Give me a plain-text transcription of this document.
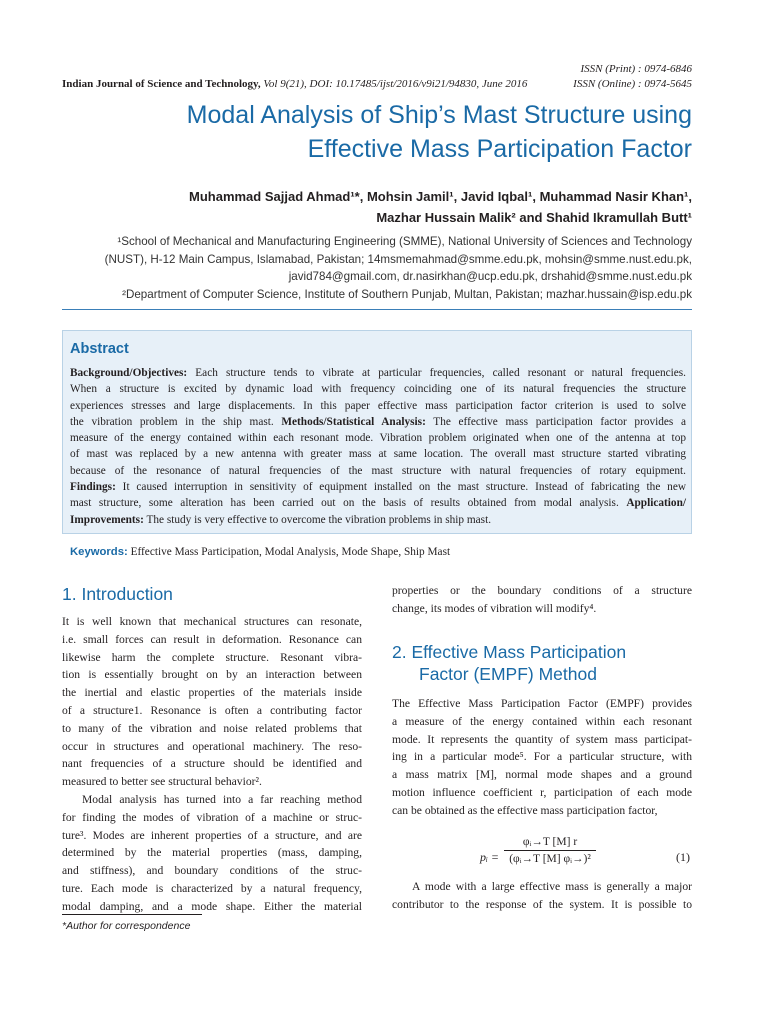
ISSN (Print) : 0974-6846
ISSN (Online) : 0974-5645
Indian Journal of Science and Technology, Vol 9(21), DOI: 10.17485/ijst/2016/v9i21/94830, June 2016
Modal Analysis of Ship’s Mast Structure using
Effective Mass Participation Factor
Muhammad Sajjad Ahmad¹*, Mohsin Jamil¹, Javid Iqbal¹, Muhammad Nasir Khan¹,
Mazhar Hussain Malik² and Shahid Ikramullah Butt¹
¹School of Mechanical and Manufacturing Engineering (SMME), National University of Sciences and Technology
(NUST), H-12 Main Campus, Islamabad, Pakistan; 14msmemahmad@smme.edu.pk, mohsin@smme.nust.edu.pk,
javid784@gmail.com, dr.nasirkhan@ucp.edu.pk, drshahid@smme.nust.edu.pk
²Department of Computer Science, Institute of Southern Punjab, Multan, Pakistan; mazhar.hussain@isp.edu.pk
Abstract
Background/Objectives: Each structure tends to vibrate at particular frequencies, called resonant or natural frequencies.
When a structure is excited by dynamic load with frequency coinciding one of its natural frequencies the structure
experiences stresses and large displacements. In this paper effective mass participation factor criterion is used to solve
the vibration problem in the ship mast. Methods/Statistical Analysis: The effective mass participation factor provides a
measure of the energy contained within each resonant mode. Vibration problem originated when one of the antenna at top
of mast was replaced by a new antenna with greater mass at same location. The overall mast structure started vibrating
because of the resonance of natural frequencies of the mast structure with natural frequencies of rotary equipment.
Findings: It caused interruption in sensitivity of equipment installed on the mast structure. Instead of fabricating the new
mast structure, some alteration has been carried out on the basis of results obtained from modal analysis. Application/
Improvements: The study is very effective to overcome the vibration problems in ship mast.
Keywords: Effective Mass Participation, Modal Analysis, Mode Shape, Ship Mast
1. Introduction
It is well known that mechanical structures can resonate,
i.e. small forces can result in deformation. Resonance can
likewise harm the complete structure. Resonant vibra-
tion is essentially brought on by an interaction between
the inertial and elastic properties of the materials inside
of a structure1. Resonance is often a contributing factor
to many of the vibration and noise related problems that
occur in structures and operational machinery. The reso-
nant frequencies of a structure should be identified and
measured to better see structural behavior².
Modal analysis has turned into a far reaching method
for finding the modes of vibration of a machine or struc-
ture³. Modes are inherent properties of a structure, and are
determined by the material properties (mass, damping,
and stiffness), and boundary conditions of the struc-
ture. Each mode is characterized by a natural frequency,
modal damping, and a mode shape. Either the material
properties or the boundary conditions of a structure
change, its modes of vibration will modify⁴.
2. Effective Mass Participation
Factor (EMPF) Method
The Effective Mass Participation Factor (EMPF) provides
a measure of the energy contained within each resonant
mode. It represents the quantity of system mass participat-
ing in a particular mode⁵. For a particular structure, with
a mass matrix [M], normal mode shapes and a ground
motion influence coefficient r, participation of each mode
can be obtained as the effective mass participation factor,
pᵢ = $\frac{\text{φᵢ→T [M] r}}{\text{(φᵢ→T [M] φᵢ→)²}}$	(1)
A mode with a large effective mass is generally a major
contributor to the response of the system. It is possible to
*Author for correspondence
